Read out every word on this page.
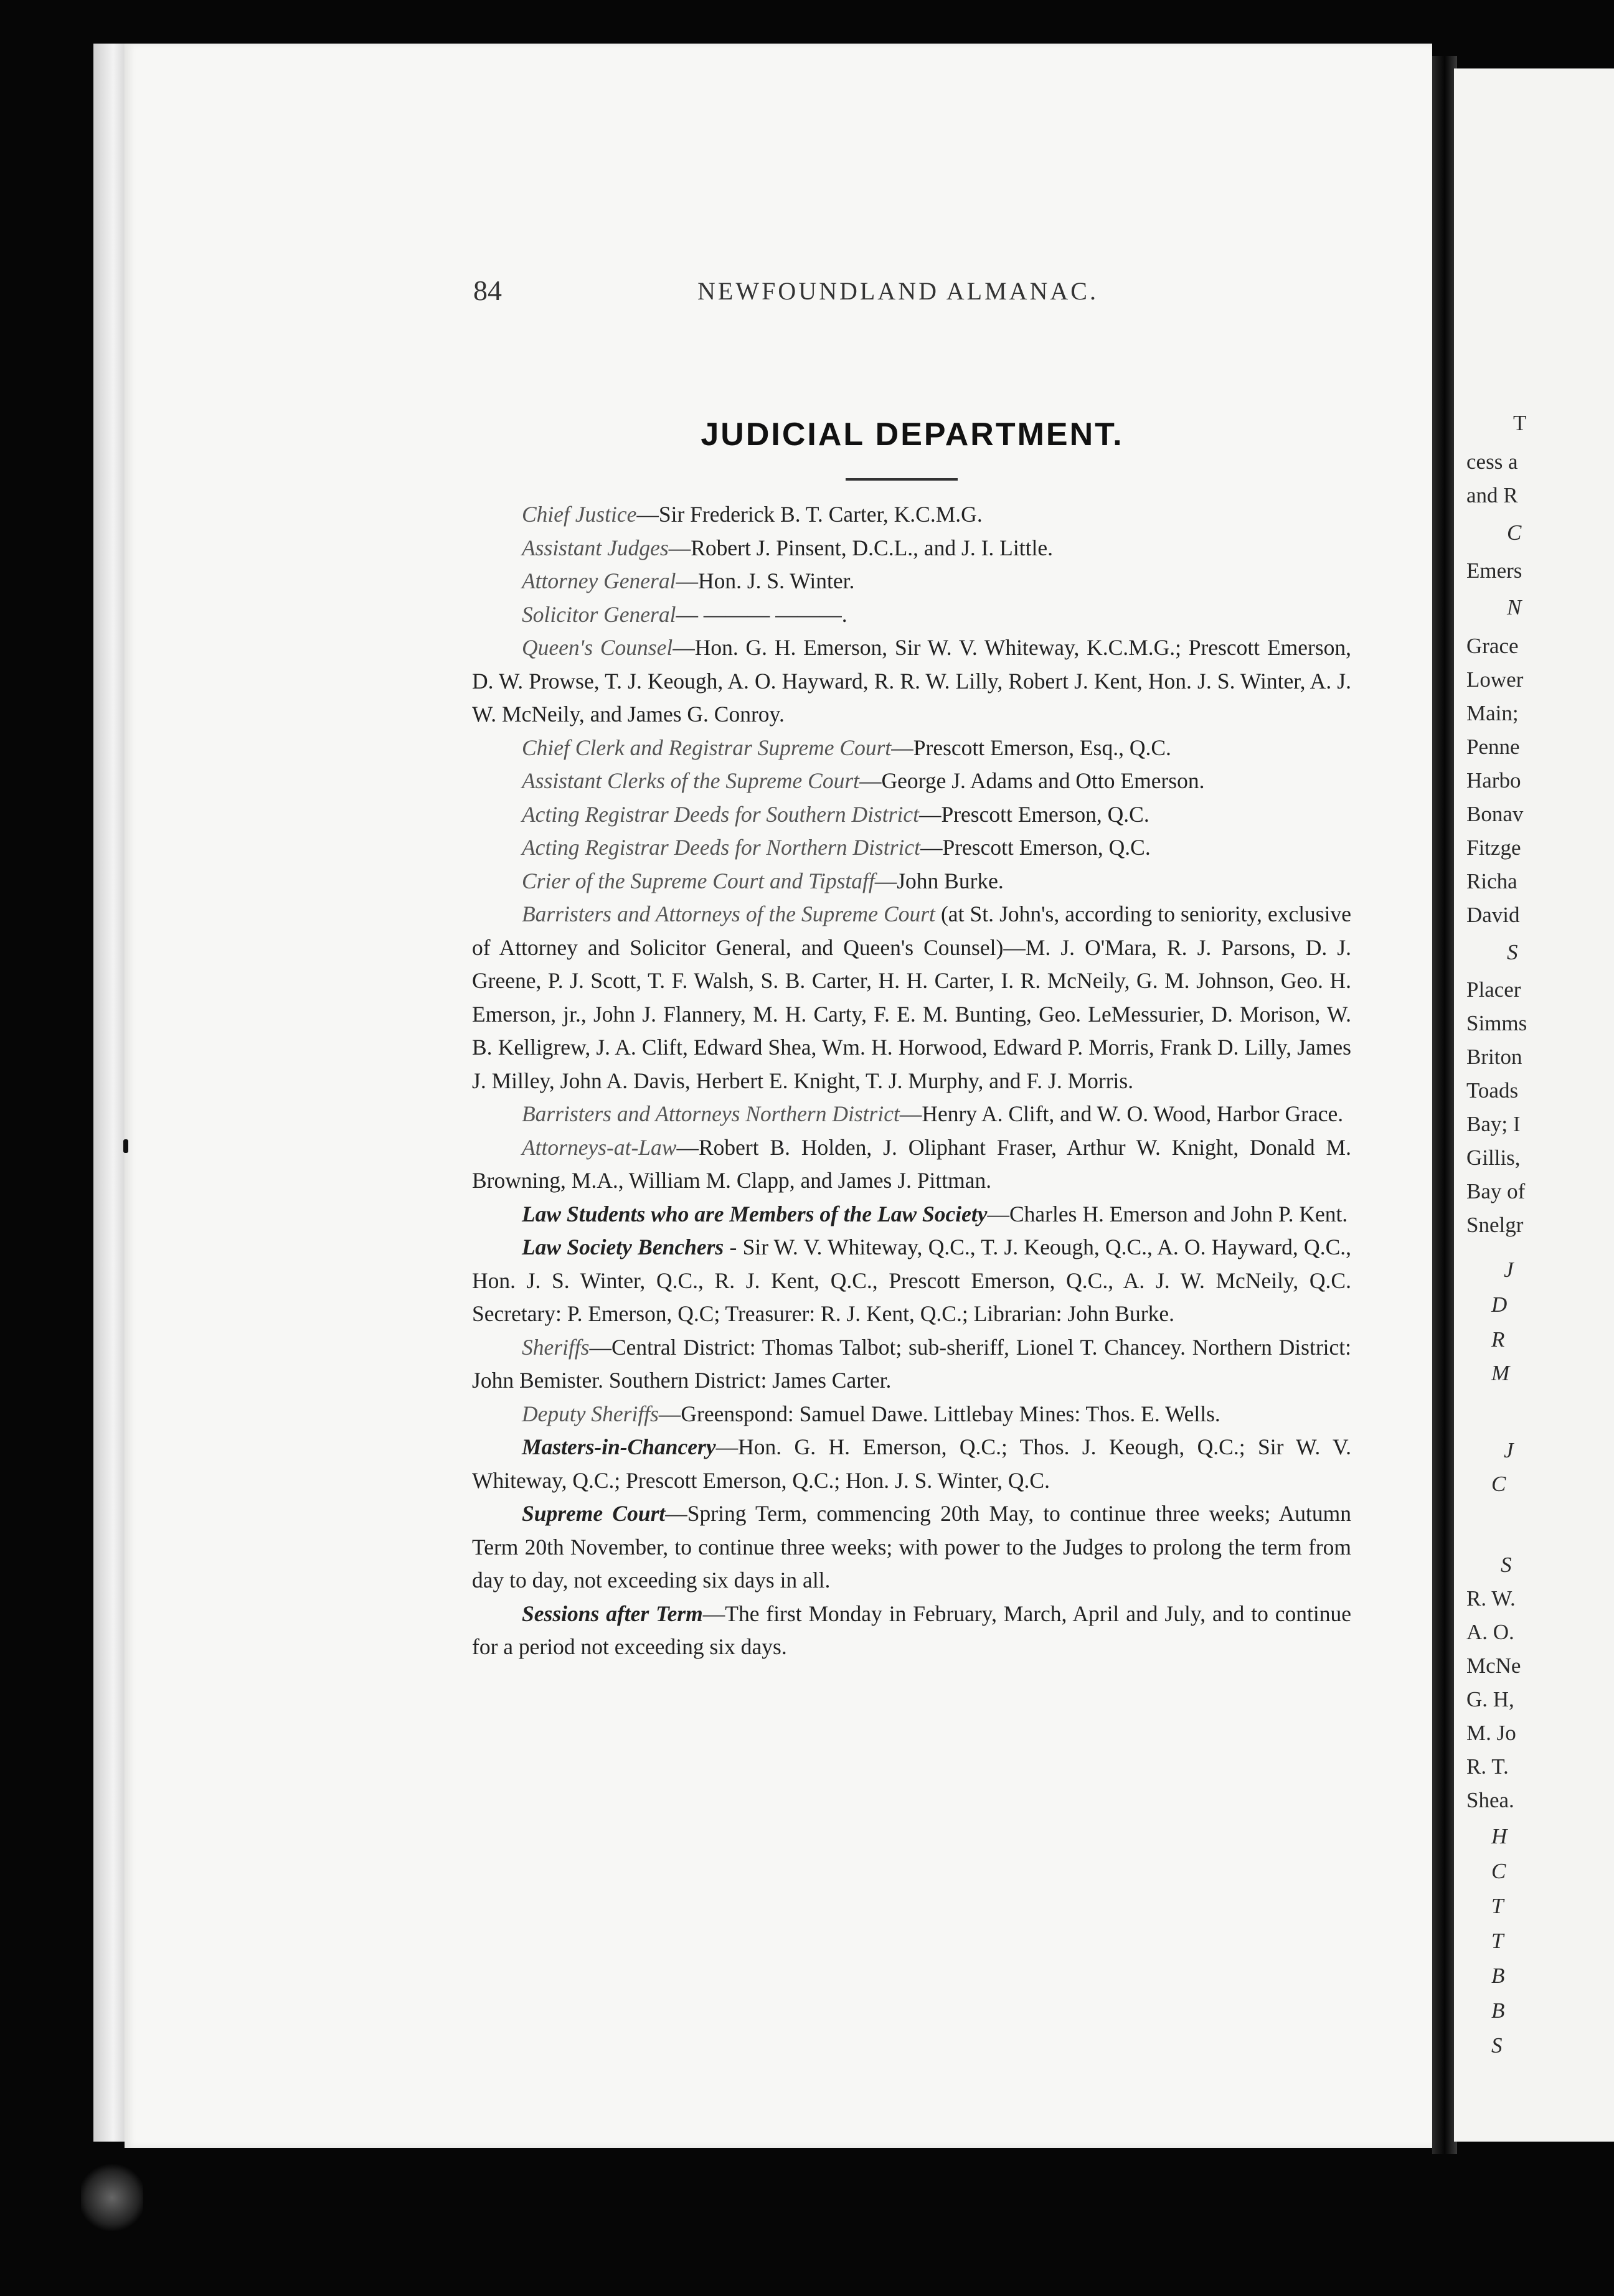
84	NEWFOUNDLAND ALMANAC.
JUDICIAL DEPARTMENT.

Chief Justice—Sir Frederick B. T. Carter, K.C.M.G.

Assistant Judges—Robert J. Pinsent, D.C.L., and J. I. Little.

Attorney General—Hon. J. S. Winter.

Solicitor General— ——— ———.

Queen's Counsel—Hon. G. H. Emerson, Sir W. V. Whiteway, K.C.M.G.; Prescott Emerson, D. W. Prowse, T. J. Keough, A. O. Hayward, R. R. W. Lilly, Robert J. Kent, Hon. J. S. Winter, A. J. W. McNeily, and James G. Conroy.

Chief Clerk and Registrar Supreme Court—Prescott Emerson, Esq., Q.C.

Assistant Clerks of the Supreme Court—George J. Adams and Otto Emerson.

Acting Registrar Deeds for Southern District—Prescott Emerson, Q.C.

Acting Registrar Deeds for Northern District—Prescott Emerson, Q.C.

Crier of the Supreme Court and Tipstaff—John Burke.

Barristers and Attorneys of the Supreme Court (at St. John's, according to seniority, exclusive of Attorney and Solicitor General, and Queen's Counsel)—M. J. O'Mara, R. J. Parsons, D. J. Greene, P. J. Scott, T. F. Walsh, S. B. Carter, H. H. Carter, I. R. McNeily, G. M. Johnson, Geo. H. Emerson, jr., John J. Flannery, M. H. Carty, F. E. M. Bunting, Geo. LeMessurier, D. Morison, W. B. Kelligrew, J. A. Clift, Edward Shea, Wm. H. Horwood, Edward P. Morris, Frank D. Lilly, James J. Milley, John A. Davis, Herbert E. Knight, T. J. Murphy, and F. J. Morris.

Barristers and Attorneys Northern District—Henry A. Clift, and W. O. Wood, Harbor Grace.

Attorneys-at-Law—Robert B. Holden, J. Oliphant Fraser, Arthur W. Knight, Donald M. Browning, M.A., William M. Clapp, and James J. Pittman.

Law Students who are Members of the Law Society—Charles H. Emerson and John P. Kent.

Law Society Benchers - Sir W. V. Whiteway, Q.C., T. J. Keough, Q.C., A. O. Hayward, Q.C., Hon. J. S. Winter, Q.C., R. J. Kent, Q.C., Prescott Emerson, Q.C., A. J. W. McNeily, Q.C. Secretary: P. Emerson, Q.C; Treasurer: R. J. Kent, Q.C.; Librarian: John Burke.

Sheriffs—Central District: Thomas Talbot; sub-sheriff, Lionel T. Chancey. Northern District: John Bemister. Southern District: James Carter.

Deputy Sheriffs—Greenspond: Samuel Dawe. Littlebay Mines: Thos. E. Wells.

Masters-in-Chancery—Hon. G. H. Emerson, Q.C.; Thos. J. Keough, Q.C.; Sir W. V. Whiteway, Q.C.; Prescott Emerson, Q.C.; Hon. J. S. Winter, Q.C.

Supreme Court—Spring Term, commencing 20th May, to continue three weeks; Autumn Term 20th November, to continue three weeks; with power to the Judges to prolong the term from day to day, not exceeding six days in all.

Sessions after Term—The first Monday in February, March, April and July, and to continue for a period not exceeding six days.

T
cess a
and R
C
Emers
N
Grace
Lower
Main;
Penne
Harbo
Bonav
Fitzge
Richa
David
S
Placer
Simms
Briton
Toads
Bay; I
Gillis,
Bay of
Snelgr
J
D
R
M
J
C
S
R. W.
A. O.
McNe
G. H,
M. Jo
R. T.
Shea.
H
C
T
T
B
B
S
